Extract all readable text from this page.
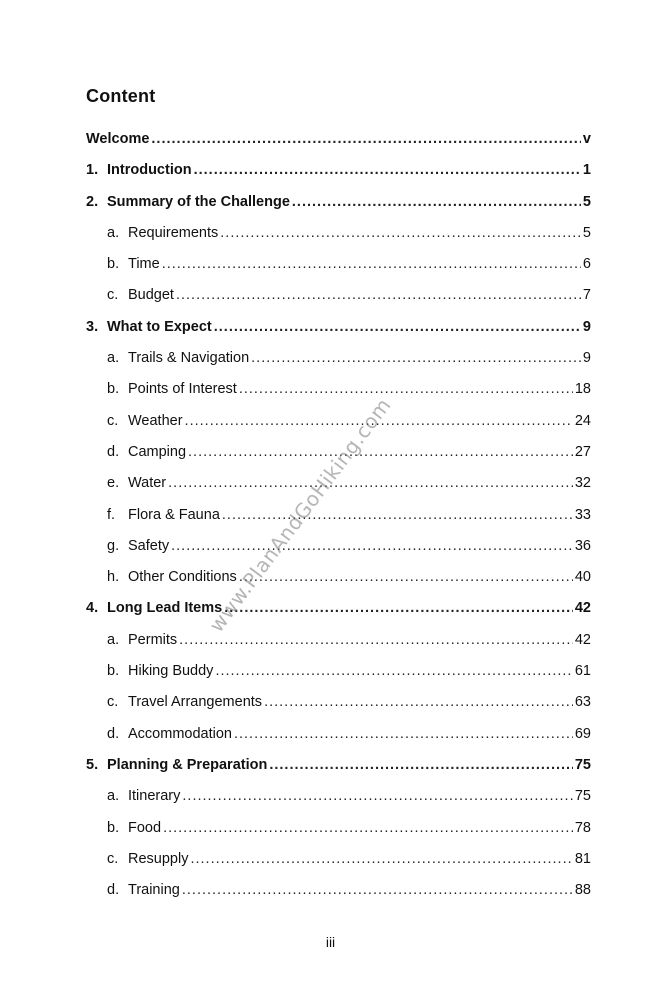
Content
Welcome .....	v
1. Introduction .....	1
2. Summary of the Challenge .....	5
a. Requirements .....	5
b. Time .....	6
c. Budget .....	7
3. What to Expect .....	9
a. Trails & Navigation .....	9
b. Points of Interest .....	18
c. Weather .....	24
d. Camping .....	27
e. Water .....	32
f. Flora & Fauna .....	33
g. Safety .....	36
h. Other Conditions .....	40
4. Long Lead Items .....	42
a. Permits .....	42
b. Hiking Buddy .....	61
c. Travel Arrangements .....	63
d. Accommodation .....	69
5. Planning & Preparation .....	75
a. Itinerary .....	75
b. Food .....	78
c. Resupply .....	81
d. Training .....	88
www.PlanAndGoHiking.com
iii
